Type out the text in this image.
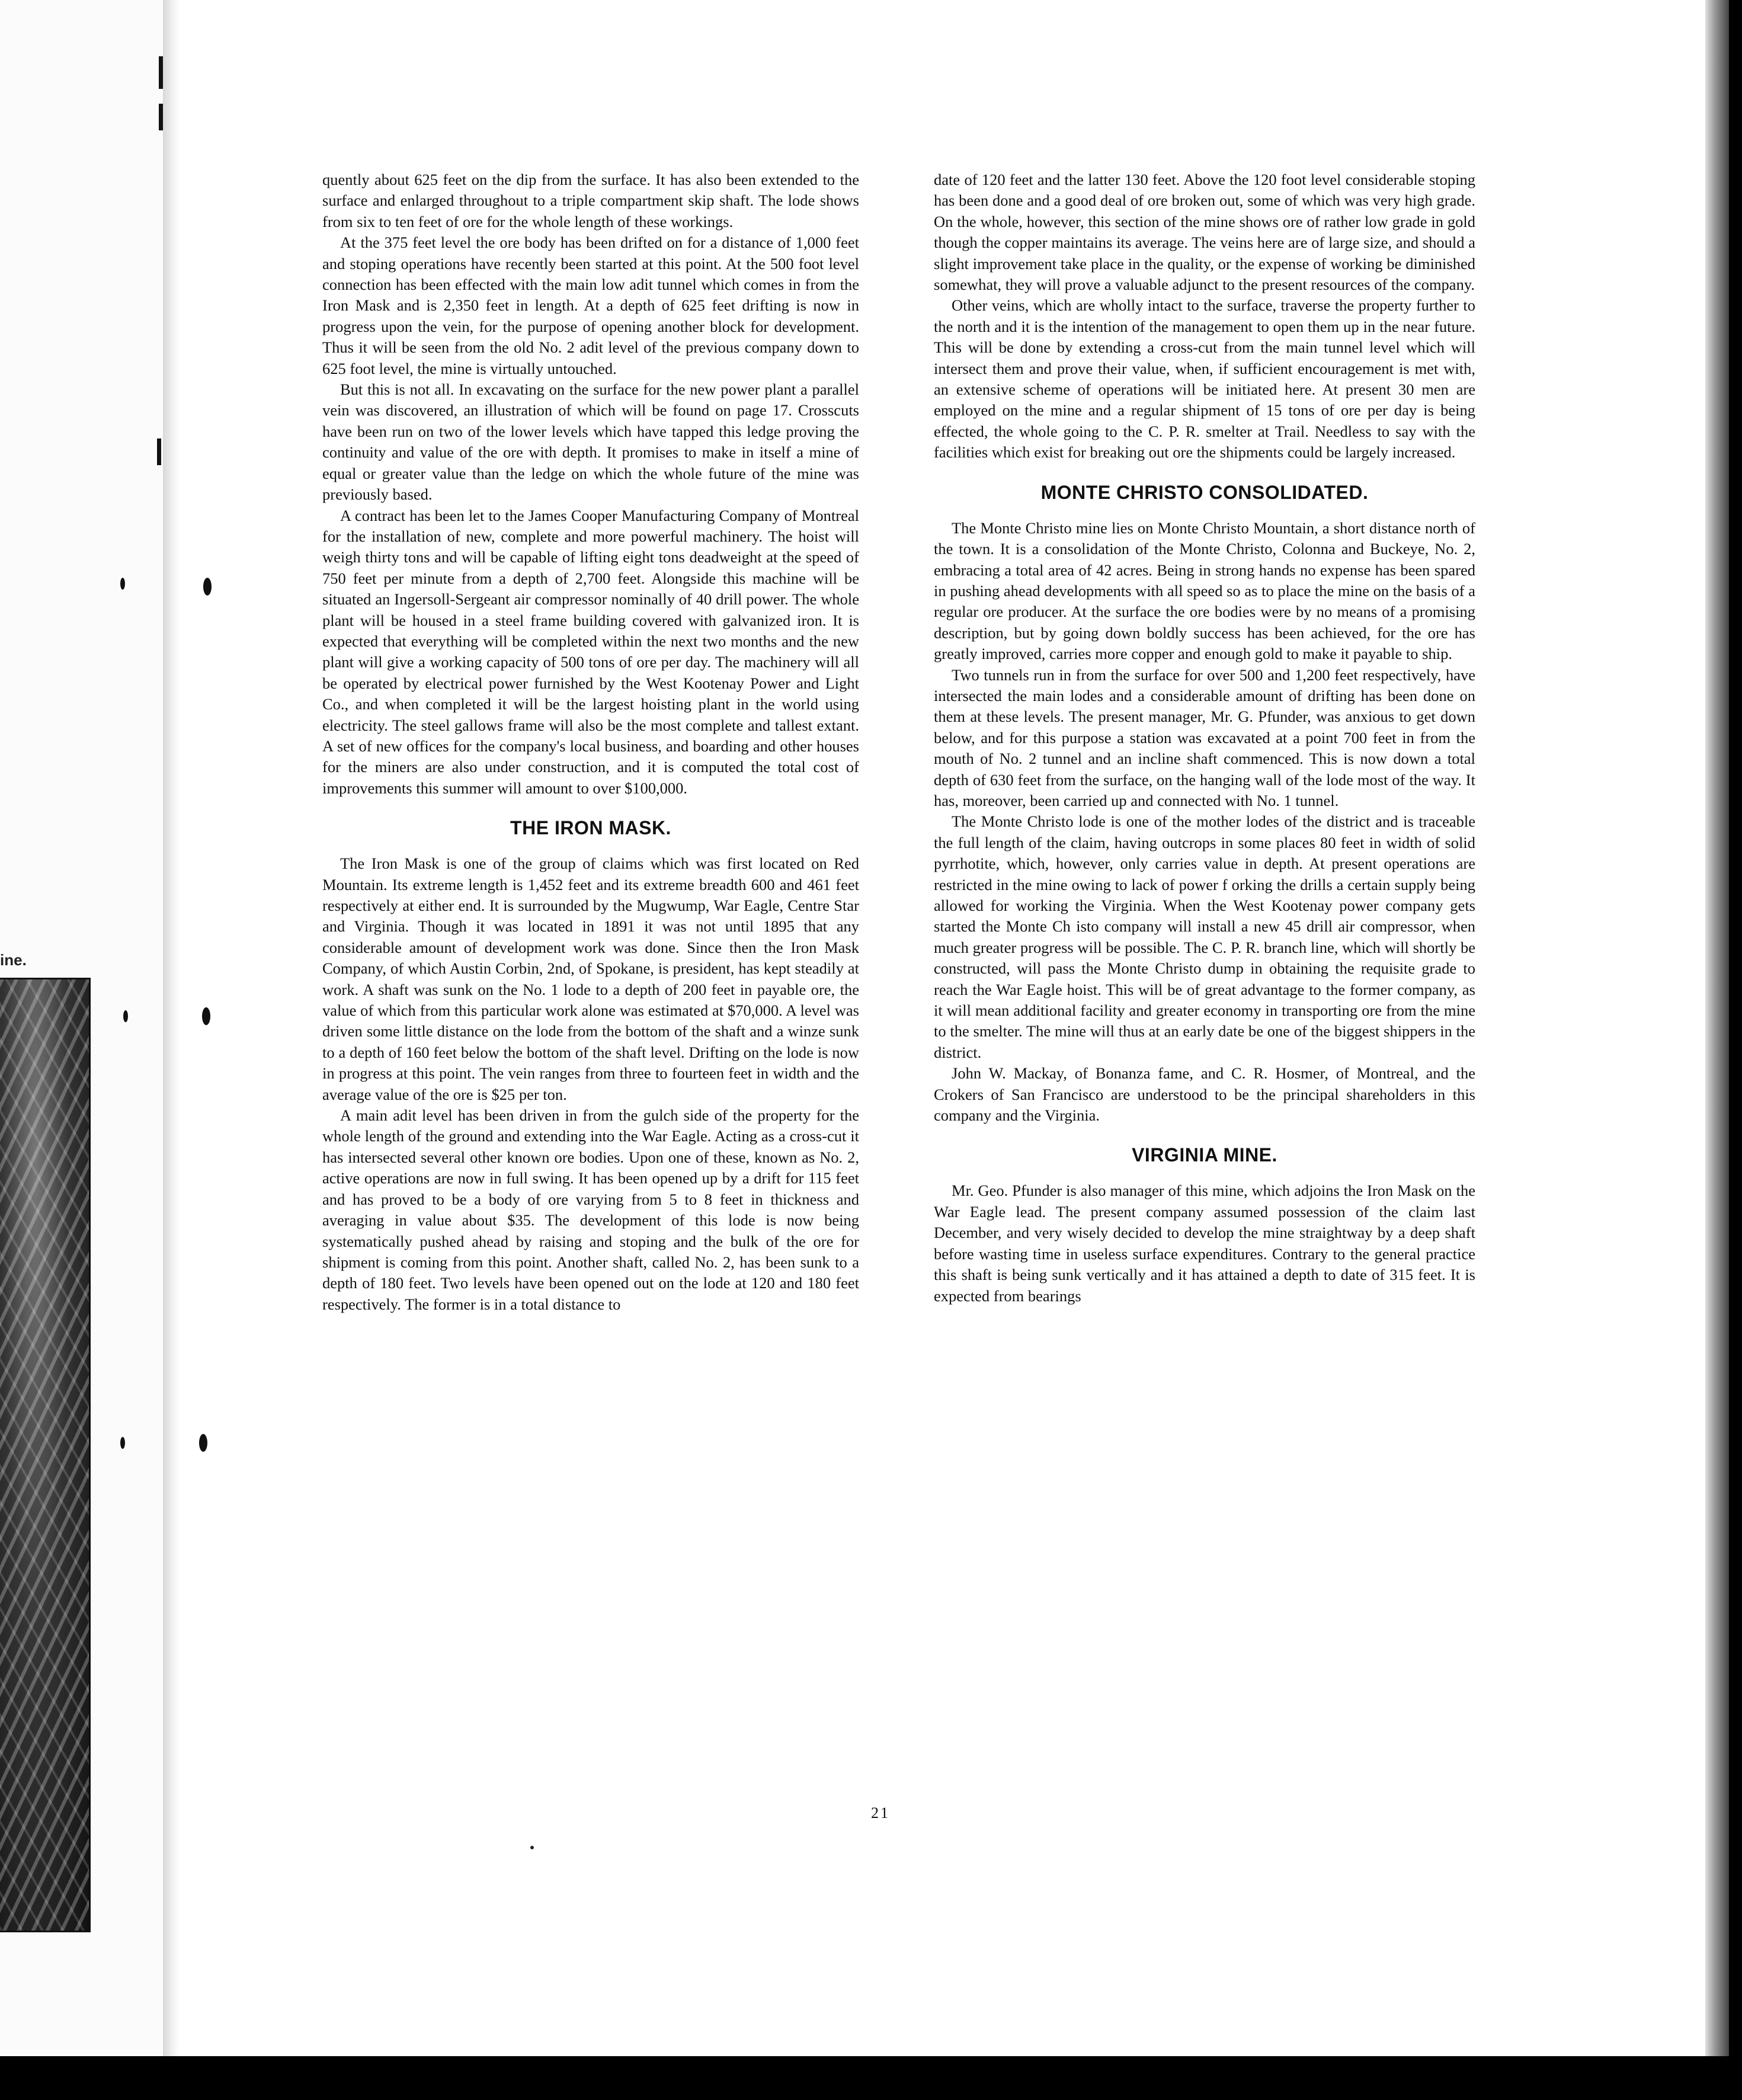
ine.

quently about 625 feet on the dip from the surface. It has also been extended to the surface and enlarged throughout to a triple compartment skip shaft. The lode shows from six to ten feet of ore for the whole length of these workings.

At the 375 feet level the ore body has been drifted on for a distance of 1,000 feet and stoping operations have recently been started at this point. At the 500 foot level connection has been effected with the main low adit tunnel which comes in from the Iron Mask and is 2,350 feet in length. At a depth of 625 feet drifting is now in progress upon the vein, for the purpose of opening another block for development. Thus it will be seen from the old No. 2 adit level of the previous company down to 625 foot level, the mine is virtually untouched.

But this is not all. In excavating on the surface for the new power plant a parallel vein was discovered, an illustration of which will be found on page 17. Crosscuts have been run on two of the lower levels which have tapped this ledge proving the continuity and value of the ore with depth. It promises to make in itself a mine of equal or greater value than the ledge on which the whole future of the mine was previously based.

A contract has been let to the James Cooper Manufacturing Company of Montreal for the installation of new, complete and more powerful machinery. The hoist will weigh thirty tons and will be capable of lifting eight tons deadweight at the speed of 750 feet per minute from a depth of 2,700 feet. Alongside this machine will be situated an Ingersoll-Sergeant air compressor nominally of 40 drill power. The whole plant will be housed in a steel frame building covered with galvanized iron. It is expected that everything will be completed within the next two months and the new plant will give a working capacity of 500 tons of ore per day. The machinery will all be operated by electrical power furnished by the West Kootenay Power and Light Co., and when completed it will be the largest hoisting plant in the world using electricity. The steel gallows frame will also be the most complete and tallest extant. A set of new offices for the company's local business, and boarding and other houses for the miners are also under construction, and it is computed the total cost of improvements this summer will amount to over $100,000.

THE IRON MASK.

The Iron Mask is one of the group of claims which was first located on Red Mountain. Its extreme length is 1,452 feet and its extreme breadth 600 and 461 feet respectively at either end. It is surrounded by the Mugwump, War Eagle, Centre Star and Virginia. Though it was located in 1891 it was not until 1895 that any considerable amount of development work was done. Since then the Iron Mask Company, of which Austin Corbin, 2nd, of Spokane, is president, has kept steadily at work. A shaft was sunk on the No. 1 lode to a depth of 200 feet in payable ore, the value of which from this particular work alone was estimated at $70,000. A level was driven some little distance on the lode from the bottom of the shaft and a winze sunk to a depth of 160 feet below the bottom of the shaft level. Drifting on the lode is now in progress at this point. The vein ranges from three to fourteen feet in width and the average value of the ore is $25 per ton.

A main adit level has been driven in from the gulch side of the property for the whole length of the ground and extending into the War Eagle. Acting as a cross-cut it has intersected several other known ore bodies. Upon one of these, known as No. 2, active operations are now in full swing. It has been opened up by a drift for 115 feet and has proved to be a body of ore varying from 5 to 8 feet in thickness and averaging in value about $35. The development of this lode is now being systematically pushed ahead by raising and stoping and the bulk of the ore for shipment is coming from this point. Another shaft, called No. 2, has been sunk to a depth of 180 feet. Two levels have been opened out on the lode at 120 and 180 feet respectively. The former is in a total distance to

date of 120 feet and the latter 130 feet. Above the 120 foot level considerable stoping has been done and a good deal of ore broken out, some of which was very high grade. On the whole, however, this section of the mine shows ore of rather low grade in gold though the copper maintains its average. The veins here are of large size, and should a slight improvement take place in the quality, or the expense of working be diminished somewhat, they will prove a valuable adjunct to the present resources of the company.

Other veins, which are wholly intact to the surface, traverse the property further to the north and it is the intention of the management to open them up in the near future. This will be done by extending a cross-cut from the main tunnel level which will intersect them and prove their value, when, if sufficient encouragement is met with, an extensive scheme of operations will be initiated here. At present 30 men are employed on the mine and a regular shipment of 15 tons of ore per day is being effected, the whole going to the C. P. R. smelter at Trail. Needless to say with the facilities which exist for breaking out ore the shipments could be largely increased.

MONTE CHRISTO CONSOLIDATED.

The Monte Christo mine lies on Monte Christo Mountain, a short distance north of the town. It is a consolidation of the Monte Christo, Colonna and Buckeye, No. 2, embracing a total area of 42 acres. Being in strong hands no expense has been spared in pushing ahead developments with all speed so as to place the mine on the basis of a regular ore producer. At the surface the ore bodies were by no means of a promising description, but by going down boldly success has been achieved, for the ore has greatly improved, carries more copper and enough gold to make it payable to ship.

Two tunnels run in from the surface for over 500 and 1,200 feet respectively, have intersected the main lodes and a considerable amount of drifting has been done on them at these levels. The present manager, Mr. G. Pfunder, was anxious to get down below, and for this purpose a station was excavated at a point 700 feet in from the mouth of No. 2 tunnel and an incline shaft commenced. This is now down a total depth of 630 feet from the surface, on the hanging wall of the lode most of the way. It has, moreover, been carried up and connected with No. 1 tunnel.

The Monte Christo lode is one of the mother lodes of the district and is traceable the full length of the claim, having outcrops in some places 80 feet in width of solid pyrrhotite, which, however, only carries value in depth. At present operations are restricted in the mine owing to lack of power f orking the drills a certain supply being allowed for working the Virginia. When the West Kootenay power company gets started the Monte Ch isto company will install a new 45 drill air compressor, when much greater progress will be possible. The C. P. R. branch line, which will shortly be constructed, will pass the Monte Christo dump in obtaining the requisite grade to reach the War Eagle hoist. This will be of great advantage to the former company, as it will mean additional facility and greater economy in transporting ore from the mine to the smelter. The mine will thus at an early date be one of the biggest shippers in the district.

John W. Mackay, of Bonanza fame, and C. R. Hosmer, of Montreal, and the Crokers of San Francisco are understood to be the principal shareholders in this company and the Virginia.

VIRGINIA MINE.

Mr. Geo. Pfunder is also manager of this mine, which adjoins the Iron Mask on the War Eagle lead. The present company assumed possession of the claim last December, and very wisely decided to develop the mine straightway by a deep shaft before wasting time in useless surface expenditures. Contrary to the general practice this shaft is being sunk vertically and it has attained a depth to date of 315 feet. It is expected from bearings

21
